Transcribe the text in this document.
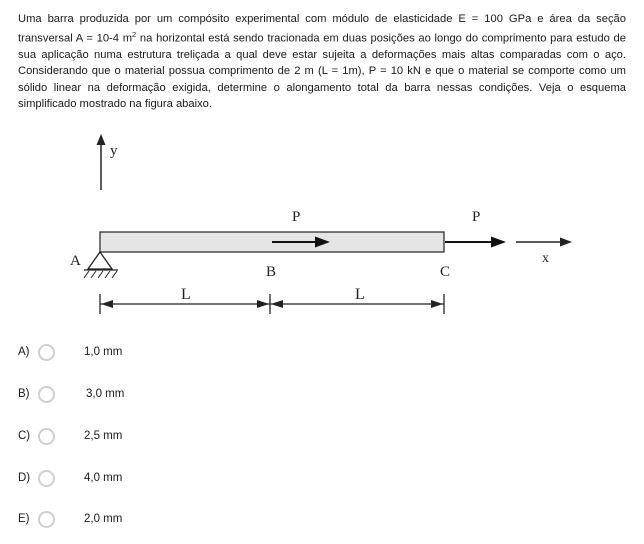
Uma barra produzida por um compósito experimental com módulo de elasticidade E = 100 GPa e área da seção transversal A = 10-4 $m^2$ na horizontal está sendo tracionada em duas posições ao longo do comprimento para estudo de sua aplicação numa estrutura treliçada a qual deve estar sujeita a deformações mais altas comparadas com o aço. Considerando que o material possua comprimento de 2 m (L = 1m), P = 10 kN e que o material se comporte como um sólido linear na deformação exigida, determine o alongamento total da barra nessas condições. Veja o esquema simplificado mostrado na figura abaixo.

y
P	P
x
A
B	C
L	L
A)	1,0 mm
B)	3,0 mm
C)	2,5 mm
D)	4,0 mm
E)	2,0 mm
